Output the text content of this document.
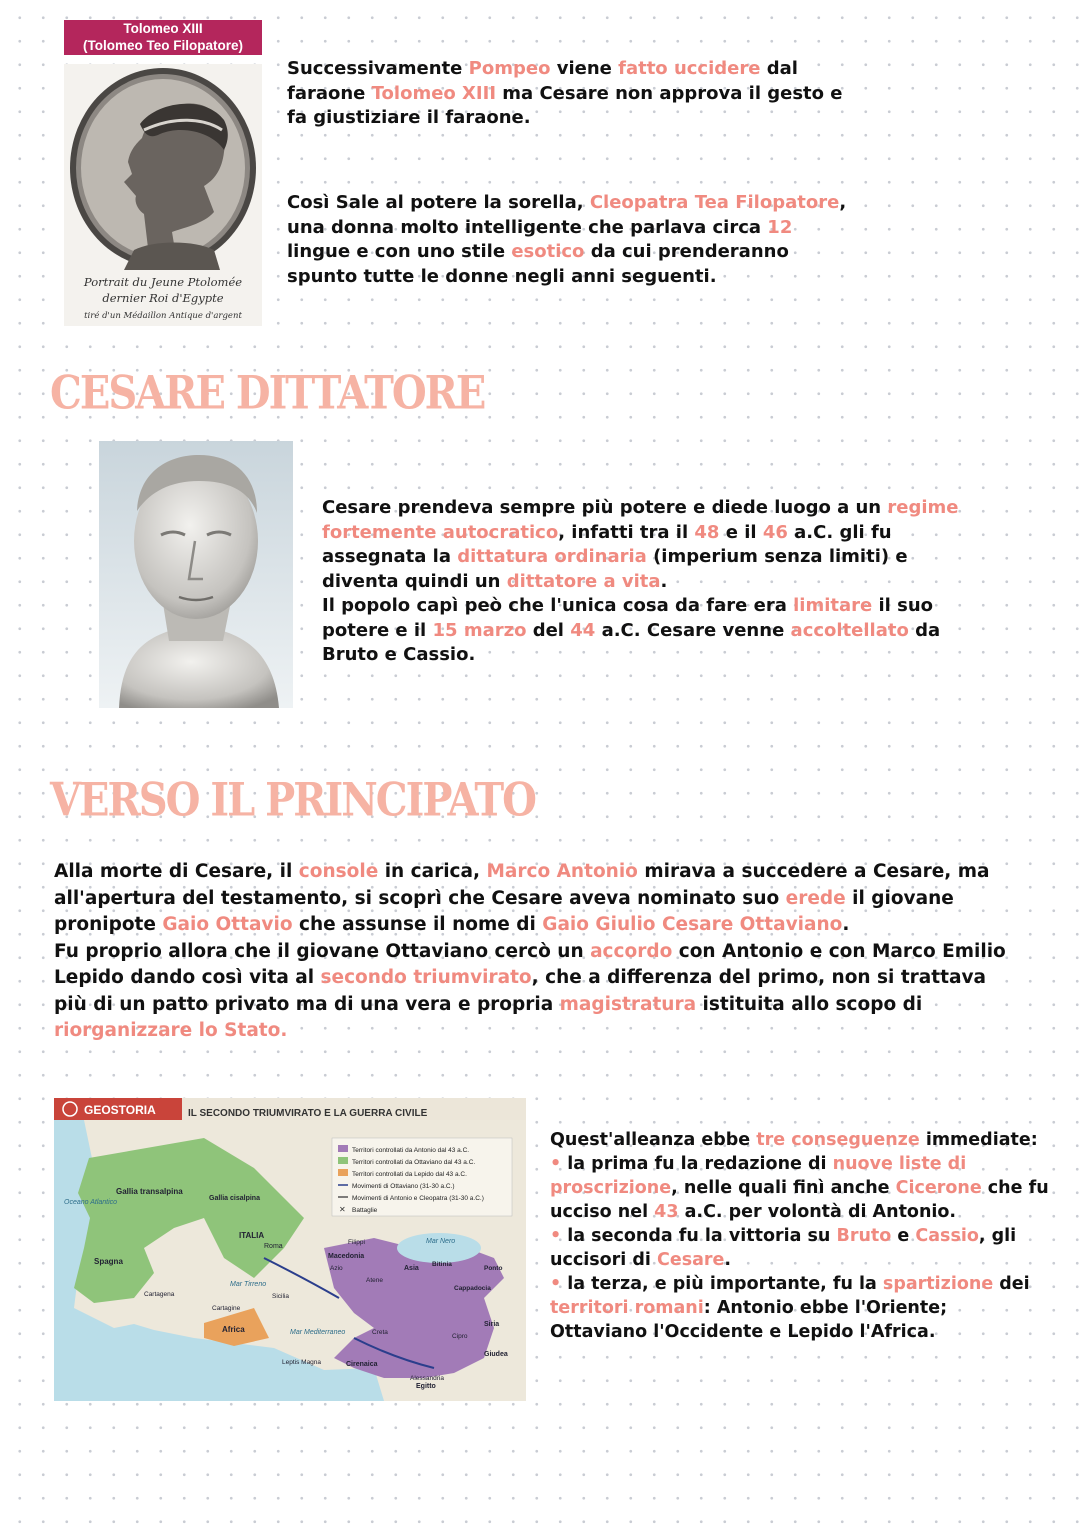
Tolomeo XIII
(Tolomeo Teo Filopatore)
Portrait du Jeune Ptolomée
dernier Roi d'Egypte
tiré d'un Médaillon Antique d'argent
Successivamente Pompeo viene fatto uccidere dal faraone Tolomeo XIII ma Cesare non approva il gesto e fa giustiziare il faraone.
Così Sale al potere la sorella, Cleopatra Tea Filopatore, una donna molto intelligente che parlava circa 12 lingue e con uno stile esotico da cui prenderanno spunto tutte le donne negli anni seguenti.
CESARE DITTATORE
Cesare prendeva sempre più potere e diede luogo a un regime fortemente autocratico, infatti tra il 48 e il 46 a.C. gli fu assegnata la dittatura ordinaria (imperium senza limiti) e diventa quindi un dittatore a vita.
Il popolo capì peò che l'unica cosa da fare era limitare il suo potere e il 15 marzo del 44 a.C. Cesare venne accoltellato da Bruto e Cassio.
VERSO IL PRINCIPATO
Alla morte di Cesare, il console in carica, Marco Antonio mirava a succedere a Cesare, ma all'apertura del testamento, si scoprì che Cesare aveva nominato suo erede il giovane pronipote Gaio Ottavio che assunse il nome di Gaio Giulio Cesare Ottaviano.
Fu proprio allora che il giovane Ottaviano cercò un accordo con Antonio e con Marco Emilio Lepido dando così vita al secondo triumvirato, che a differenza del primo, non si trattava più di un patto privato ma di una vera e propria magistratura istituita allo scopo di riorganizzare lo Stato.
GEOSTORIA	IL SECONDO TRIUMVIRATO E LA GUERRA CIVILE
Territori controllati da Antonio dal 43 a.C.
Territori controllati da Ottaviano dal 43 a.C.
Territori controllati da Lepido dal 43 a.C.
Movimenti di Ottaviano (31-30 a.C.)
Movimenti di Antonio e Cleopatra (31-30 a.C.)
✕ Battaglie
Oceano Atlantico
Gallia transalpina
Gallia cisalpina
Spagna
ITALIA
Roma
Africa	Mar Mediterraneo
Mar Tirreno
Macedonia
Asia
Mar Nero
Siria
Egitto
Cirenaica
Giudea
Cartagine
Cartagena	Sicilia
Atene
Alessandria
Cipro
Creta
Bitinia
Ponto
Cappadocia
Filippi
Azio
Leptis Magna
Quest'alleanza ebbe tre conseguenze immediate:
• la prima fu la redazione di nuove liste di proscrizione, nelle quali finì anche Cicerone che fu ucciso nel 43 a.C. per volontà di Antonio.
• la seconda fu la vittoria su Bruto e Cassio, gli uccisori di Cesare.
• la terza, e più importante, fu la spartizione dei territori romani: Antonio ebbe l'Oriente; Ottaviano l'Occidente e Lepido l'Africa.
